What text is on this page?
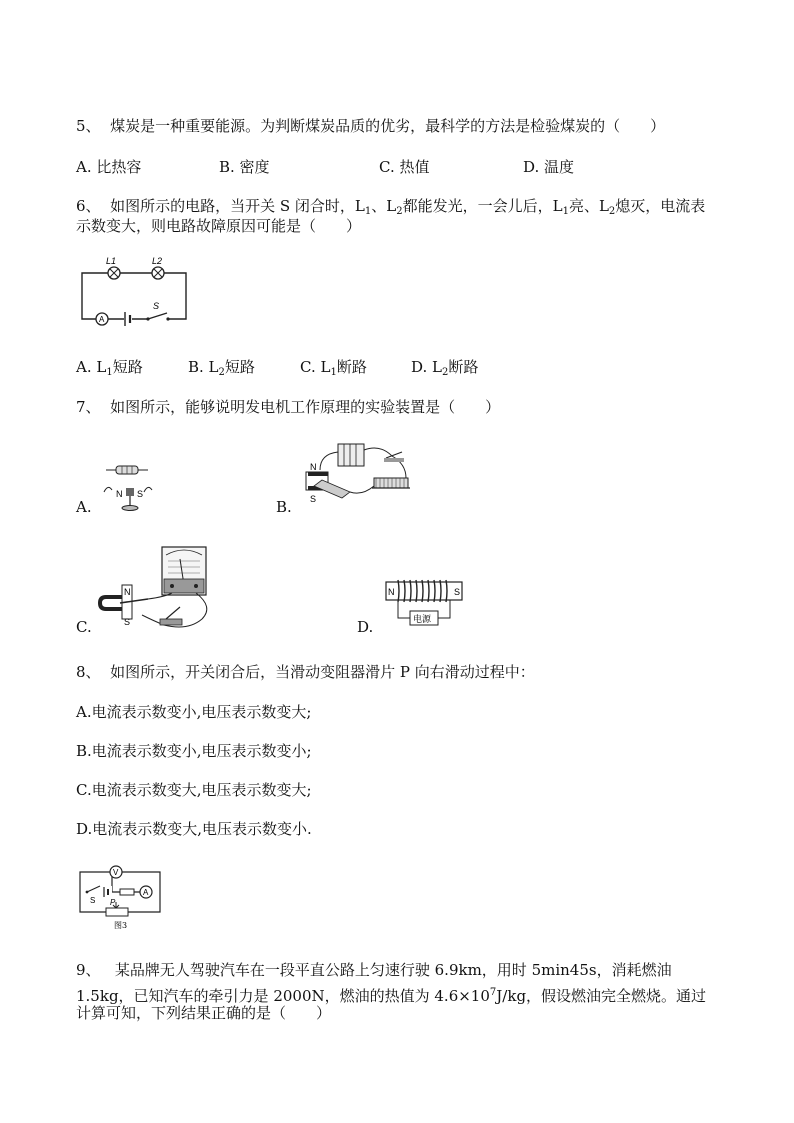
5、 煤炭是一种重要能源。为判断煤炭品质的优劣，最科学的方法是检验煤炭的（　　）
A. 比热容	B. 密度	C. 热值	D. 温度
6、 如图所示的电路，当开关 S 闭合时，$L_1$、$L_2$都能发光，一会儿后，$L_1$亮、$L_2$熄灭，电流表
示数变大，则电路故障原因可能是（　　）
L1	L2
A
S
A. $L_1$短路	B. $L_2$短路	C. $L_1$断路	D. $L_2$断路
7、 如图所示，能够说明发电机工作原理的实验装置是（　　）
A.
N S
B.
N
S
C.
N
S	D.
N	S
电源
8、 如图所示，开关闭合后，当滑动变阻器滑片 P 向右滑动过程中：
A.电流表示数变小,电压表示数变大;
B.电流表示数变小,电压表示数变小;
C.电流表示数变大,电压表示数变大;
D.电流表示数变大,电压表示数变小.
V
S
A
P
图3
9、 某品牌无人驾驶汽车在一段平直公路上匀速行驶 6.9km，用时 5min45s，消耗燃油
1.5kg，已知汽车的牵引力是 2000N，燃油的热值为 $4.6\times 10^7J/kg$，假设燃油完全燃烧。通过
计算可知，下列结果正确的是（　　）
